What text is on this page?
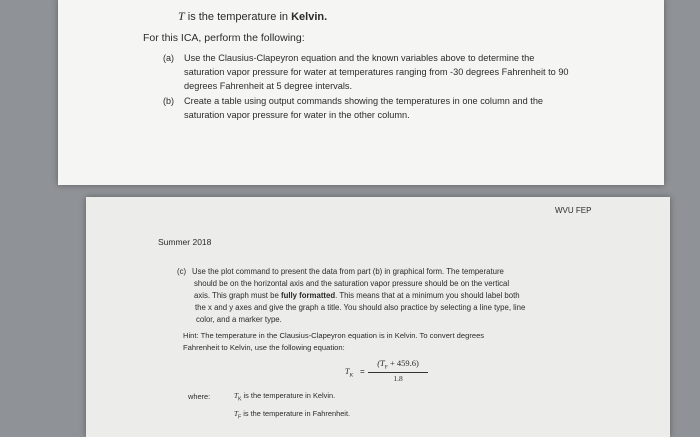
T is the temperature in Kelvin.

For this ICA, perform the following:

(a) Use the Clausius-Clapeyron equation and the known variables above to determine the

saturation vapor pressure for water at temperatures ranging from -30 degrees Fahrenheit to 90

degrees Fahrenheit at 5 degree intervals.

(b) Create a table using output commands showing the temperatures in one column and the

saturation vapor pressure for water in the other column.

Summer 2018

WVU FEP

(c) Use the plot command to present the data from part (b) in graphical form. The temperature

should be on the horizontal axis and the saturation vapor pressure should be on the vertical

axis. This graph must be fully formatted. This means that at a minimum you should label both

the x and y axes and give the graph a title. You should also practice by selecting a line type, line

color, and a marker type.

Hint: The temperature in the Clausius-Clapeyron equation is in Kelvin. To convert degrees

Fahrenheit to Kelvin, use the following equation:

$T_K = \frac{(T_F + 459.6)}{1.8}$

where:	$T_K$ is the temperature in Kelvin.

$T_F$ is the temperature in Fahrenheit.
